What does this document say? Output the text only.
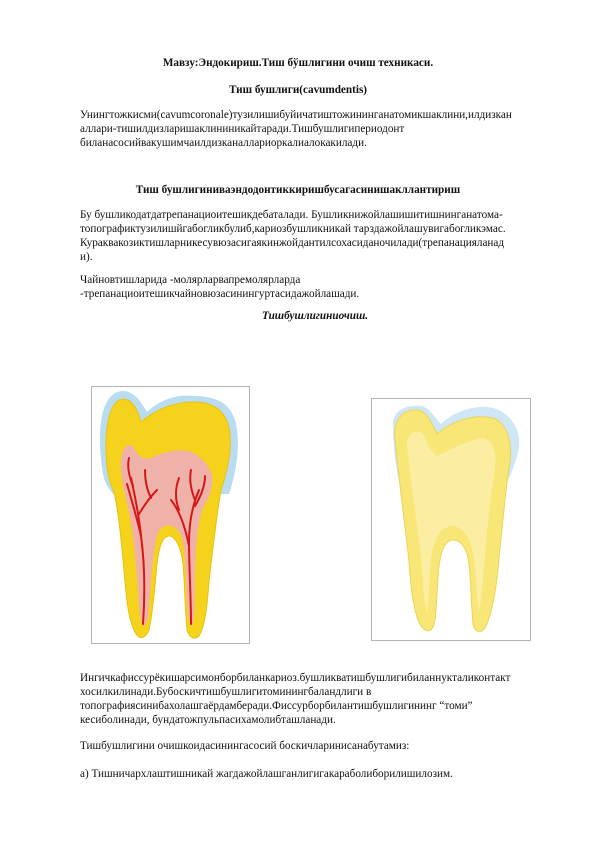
Мавзу:Эндокириш.Тиш бўшлигини очиш техникаси.

Тиш бушлиги(cavumdentis)

Унингтожкисми(cavumcoronale)тузилишибуйичатиштожининганатомикшаклини,илдизкан

аллари-тишилдизларишаклининикайтаради.Тишбушлигипериодонт

биланасосийвакушимчаилдизканаллариоркалиалокакилади.

Тиш бушлигиниваэндодонтиккиришбусагасинишакллантириш

Бу бушликодатдатрепанациоитешикдебаталади. Бушликнижойлашишитишнинганатома-

топографиктузилишйгабогликбулиб,кариозбушликникай тарздажойлашувигабогликэмас.

Кураквакозиктишларникесувюзасигаякинжойдантилсохасиданочилади(трепанацияланад

и).

Чайновтишларида -молярларвапремолярларда

-трепанациоитешикчайновюзасинингуртасидажойлашади.

Тишбушлигиниочиш.

Ингичкафиссурёкишарсимонборбиланкариоз.бушликватишбушлигибиланнукталиконтакт

хосилкилинади.Бубоскичтишбушлигитоминингбаландлиги в

топографиясинибахолашгаёрдамберади.Фиссурборбилантишбушлигининг “томи”

кесиболинади, бундатожпульпасихамолибташланади.

Тишбушлигини очишкоидасинингасосий боскичларинисанабутамиз:

а) Тишничархлаштишникай жагдажойлашганлигигакараболиборилишилозим.
